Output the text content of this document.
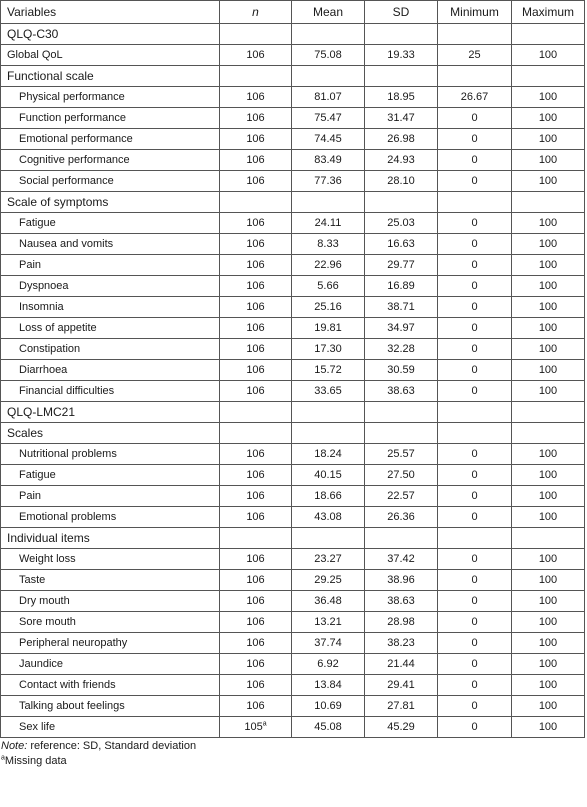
Variables	n	Mean	SD	Minimum	Maximum
QLQ-C30					
Global QoL	106	75.08	19.33	25	100
Functional scale					
Physical performance	106	81.07	18.95	26.67	100
Function performance	106	75.47	31.47	0	100
Emotional performance	106	74.45	26.98	0	100
Cognitive performance	106	83.49	24.93	0	100
Social performance	106	77.36	28.10	0	100
Scale of symptoms					
Fatigue	106	24.11	25.03	0	100
Nausea and vomits	106	8.33	16.63	0	100
Pain	106	22.96	29.77	0	100
Dyspnoea	106	5.66	16.89	0	100
Insomnia	106	25.16	38.71	0	100
Loss of appetite	106	19.81	34.97	0	100
Constipation	106	17.30	32.28	0	100
Diarrhoea	106	15.72	30.59	0	100
Financial difficulties	106	33.65	38.63	0	100
QLQ-LMC21					
Scales					
Nutritional problems	106	18.24	25.57	0	100
Fatigue	106	40.15	27.50	0	100
Pain	106	18.66	22.57	0	100
Emotional problems	106	43.08	26.36	0	100
Individual items					
Weight loss	106	23.27	37.42	0	100
Taste	106	29.25	38.96	0	100
Dry mouth	106	36.48	38.63	0	100
Sore mouth	106	13.21	28.98	0	100
Peripheral neuropathy	106	37.74	38.23	0	100
Jaundice	106	6.92	21.44	0	100
Contact with friends	106	13.84	29.41	0	100
Talking about feelings	106	10.69	27.81	0	100
Sex life	105$^a$	45.08	45.29	0	100
Note: reference: SD, Standard deviation
$^a$Missing data
